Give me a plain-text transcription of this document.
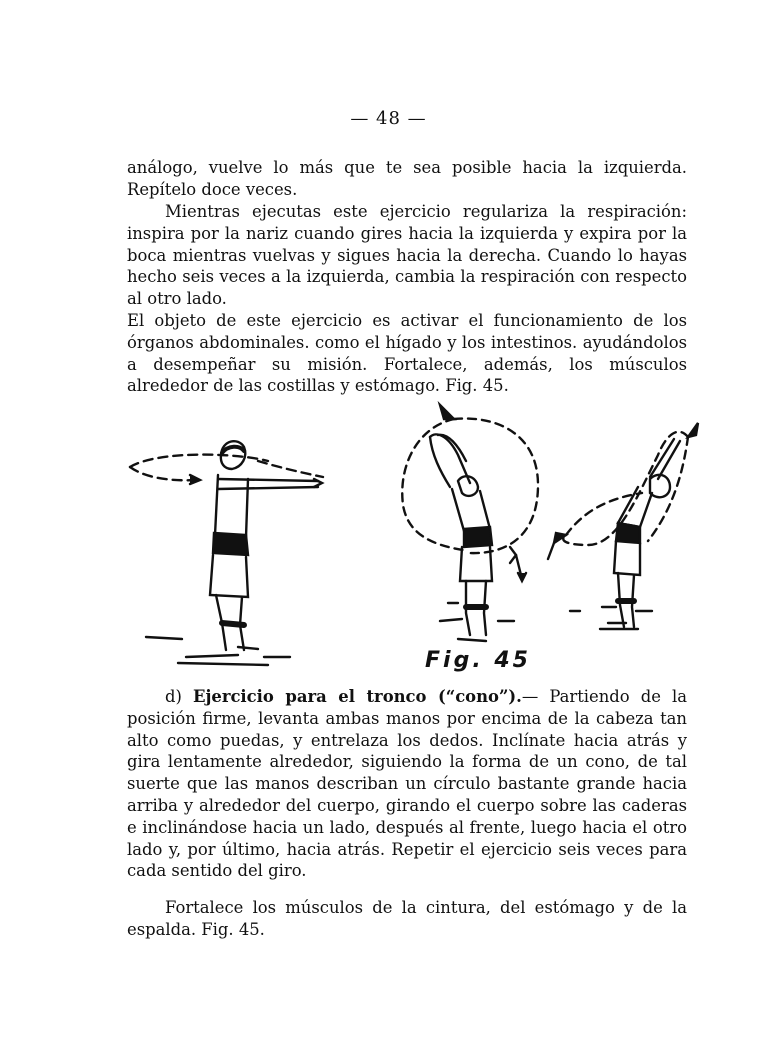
— 48 —

análogo, vuelve lo más que te sea posible hacia la izquierda. Repítelo doce veces.

Mientras ejecutas este ejercicio regulariza la respiración: inspira por la nariz cuando gires hacia la izquierda y expira por la boca mientras vuelvas y sigues hacia la derecha. Cuando lo hayas hecho seis veces a la izquierda, cambia la respiración con respecto al otro lado.

El objeto de este ejercicio es activar el funcionamiento de los órganos abdominales. como el hígado y los intestinos. ayudándolos a desempeñar su misión. Fortalece, además, los músculos alrededor de las costillas y estómago. Fig. 45.

Fig. 45

d) Ejercicio para el tronco (“cono”).— Partiendo de la posición firme, levanta ambas manos por encima de la cabeza tan alto como puedas, y entrelaza los dedos. Inclínate hacia atrás y gira lentamente alrededor, siguiendo la forma de un cono, de tal suerte que las manos describan un círculo bastante grande hacia arriba y alrededor del cuerpo, girando el cuerpo sobre las caderas e inclinándose hacia un lado, después al frente, luego hacia el otro lado y, por último, hacia atrás. Repetir el ejercicio seis veces para cada sentido del giro.

Fortalece los músculos de la cintura, del estómago y de la espalda. Fig. 45.
